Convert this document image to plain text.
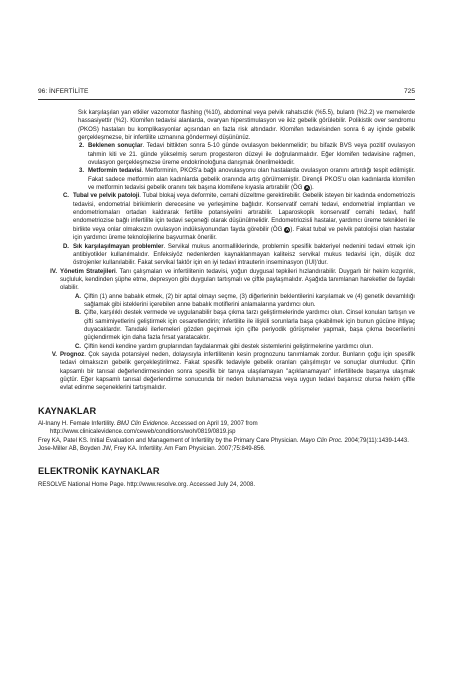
96: İNFERTİLİTE	725

Sık karşılaşılan yan etkiler vazomotor flashing (%10), abdominal veya pelvik rahatsızlık (%5.5), bulantı (%2.2) ve memelerde hassasiyettir (%2). Klomifen tedavisi alanlarda, ovaryan hiperstimulasyon ve ikiz gebelik görülebilir. Polikistik over sendromu (PKOS) hastaları bu komplikasyonlar açısından en fazla risk altındadır. Klomifen tedavisinden sonra 6 ay içinde gebelik gerçekleşmezse, bir infertilite uzmanına göndermeyi düşününüz.

2. Beklenen sonuçlar. Tedavi bittikten sonra 5-10 günde ovulasyon beklenmelidir; bu bifazik BVS veya pozitif ovulasyon tahmin kiti ve 21. günde yükselmiş serum progesteron düzeyi ile doğrulanmalıdır. Eğer klomifen tedavisine rağmen, ovulasyon gerçekleşmezse üreme endokrinoloğuna danışmak önerilmektedir.

3. Metformin tedavisi. Metforminin, PKOS'a bağlı anovulasyonu olan hastalarda ovulasyon oranını artırdığı tespit edilmiştir. Fakat sadece metformin alan kadınlarda gebelik oranında artış görülmemiştir. Dirençli PKOS'u olan kadınlarda klomifen ve metformin tedavisi gebelik oranını tek başına klomifene kıyasla artırabilir (ÖG A).

C. Tubal ve pelvik patoloji. Tubal blokaj veya deformite, cerrahi düzeltme gerektirebilir. Gebelik isteyen bir kadında endometriozis tedavisi, endometrial birikimlerin derecesine ve yerleşimine bağlıdır. Konservatif cerrahi tedavi, endometrial implantları ve endometriomaları ortadan kaldırarak fertilite potansiyelini artırabilir. Laparoskopik konservatif cerrahi tedavi, hafif endometriozise bağlı infertilite için tedavi seçeneği olarak düşünülmelidir. Endometriozisli hastalar, yardımcı üreme teknikleri ile birlikte veya onlar olmaksızın ovulasyon indüksiyonundan fayda görebilir (ÖG A). Fakat tubal ve pelvik patolojisi olan hastalar için yardımcı üreme teknolojilerine başvurmak önerilir.

D. Sık karşılaşılmayan problemler. Servikal mukus anormalliklerinde, problemin spesifik bakteriyel nedenini tedavi etmek için antibiyotikler kullanılmalıdır. Enfeksiyöz nedenlerden kaynaklanmayan kaliteisz servikal mukus tedavisi için, düşük doz östrojenler kullanılabilir. Fakat servikal faktör için en iyi tedavi intrauterin inseminasyon (IUI)'dur.

IV. Yönetim Stratejileri. Tanı çalışmaları ve infertilitenin tedavisi, yoğun duygusal tepkileri hızlandırabilir. Duygarlı bir hekim kızgınlık, suçluluk, kendinden şüphe etme, depresyon gibi duyguları tartışmalı ve çiftle paylaşmalıdır. Aşağıda tanımlanan hareketler de faydalı olabilir.

A. Çiftin (1) anne babalık etmek, (2) bir aptal olmayı seçme, (3) diğerlerinin beklentilerini karşılamak ve (4) genetik devamlılığı sağlamak gibi isteklerini içerebilen anne babalık motiflerini anlamalarına yardımcı olun.

B. Çifte, karşılıklı destek vermede ve uygulanabilir başa çıkma tarzı geliştirmelerinde yardımcı olun. Cinsel konuları tartışın ve çifti samimiyetlerini geliştirmek için cesaretlendirin; infertilite ile ilişkili sorunlarla başa çıkabilmek için bunun gücüne ihtiyaç duyacaklardır. Tanıdaki ilerlemeleri gözden geçirmek için çifte periyodik görüşmeler yapmak, başa çıkma becerilerini güçlendirmek için daha fazla fırsat yaratacaktır.

C. Çiftin kendi kendine yardım gruplarından faydalanmak gibi destek sistemlerini geliştirmelerine yardımcı olun.

V. Prognoz. Çok sayıda potansiyel neden, dolayısıyla infertilitenin kesin prognozunu tanımlamak zordur. Bunların çoğu için spesifik tedavi olmaksızın gebelik gerçekleştirilmez. Fakat spesifik tedaviyle gebelik oranları çalışılmıştır ve sonuçlar olumludur. Çiftin kapsamlı bir tanısal değerlendirmesinden sonra spesifik bir tanıya ulaşılamayan "açıklanamayan" infertilitede başarıya ulaşmak güçtür. Eğer kapsamlı tanısal değerlendirme sonucunda bir neden bulunamazsa veya uygun tedavi başarısız olursa hekim çiftle evlat edinme seçeneklerini tartışmalıdır.

KAYNAKLAR

Al-Inany H. Female Infertility. BMJ Clin Evidence. Accessed on April 19, 2007 from http://www.clinicalevidence.com/ceweb/conditions/woh/0819/0819.jsp

Frey KA, Patel KS. Initial Evaluation and Management of Infertility by the Primary Care Physician. Mayo Clin Proc. 2004;79(11):1439-1443.

Jose-Miller AB, Boyden JW, Frey KA. Infertility. Am Fam Physician. 2007;75:849-856.

ELEKTRONİK KAYNAKLAR

RESOLVE National Home Page. http://www.resolve.org. Accessed July 24, 2008.
